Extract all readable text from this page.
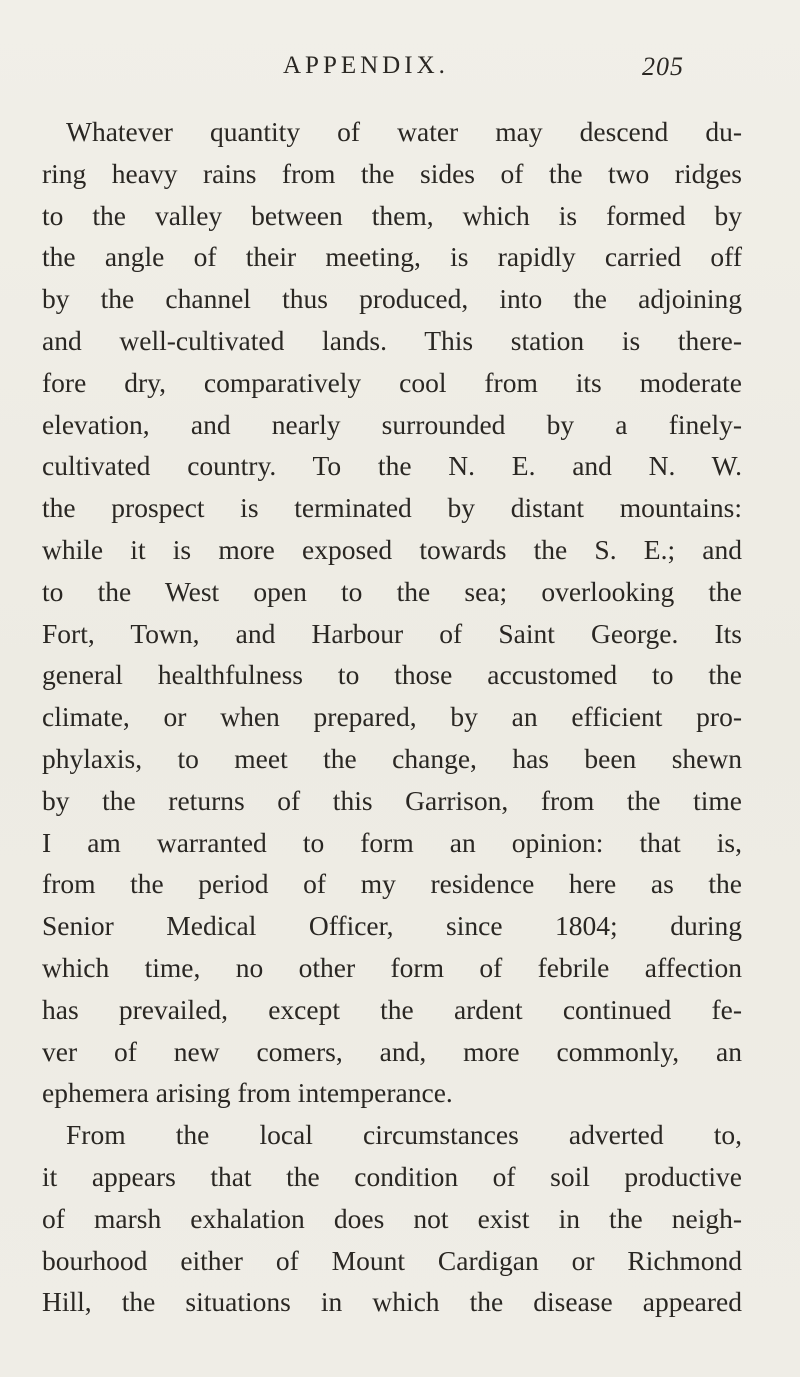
APPENDIX.	205
Whatever quantity of water may descend du-
ring heavy rains from the sides of the two ridges
to the valley between them, which is formed by
the angle of their meeting, is rapidly carried off
by the channel thus produced, into the adjoining
and well-cultivated lands. This station is there-
fore dry, comparatively cool from its moderate
elevation, and nearly surrounded by a finely-
cultivated country. To the N. E. and N. W.
the prospect is terminated by distant mountains:
while it is more exposed towards the S. E.; and
to the West open to the sea; overlooking the
Fort, Town, and Harbour of Saint George. Its
general healthfulness to those accustomed to the
climate, or when prepared, by an efficient pro-
phylaxis, to meet the change, has been shewn
by the returns of this Garrison, from the time
I am warranted to form an opinion: that is,
from the period of my residence here as the
Senior Medical Officer, since 1804; during
which time, no other form of febrile affection
has prevailed, except the ardent continued fe-
ver of new comers, and, more commonly, an
ephemera arising from intemperance.
From the local circumstances adverted to,
it appears that the condition of soil productive
of marsh exhalation does not exist in the neigh-
bourhood either of Mount Cardigan or Richmond
Hill, the situations in which the disease appeared
